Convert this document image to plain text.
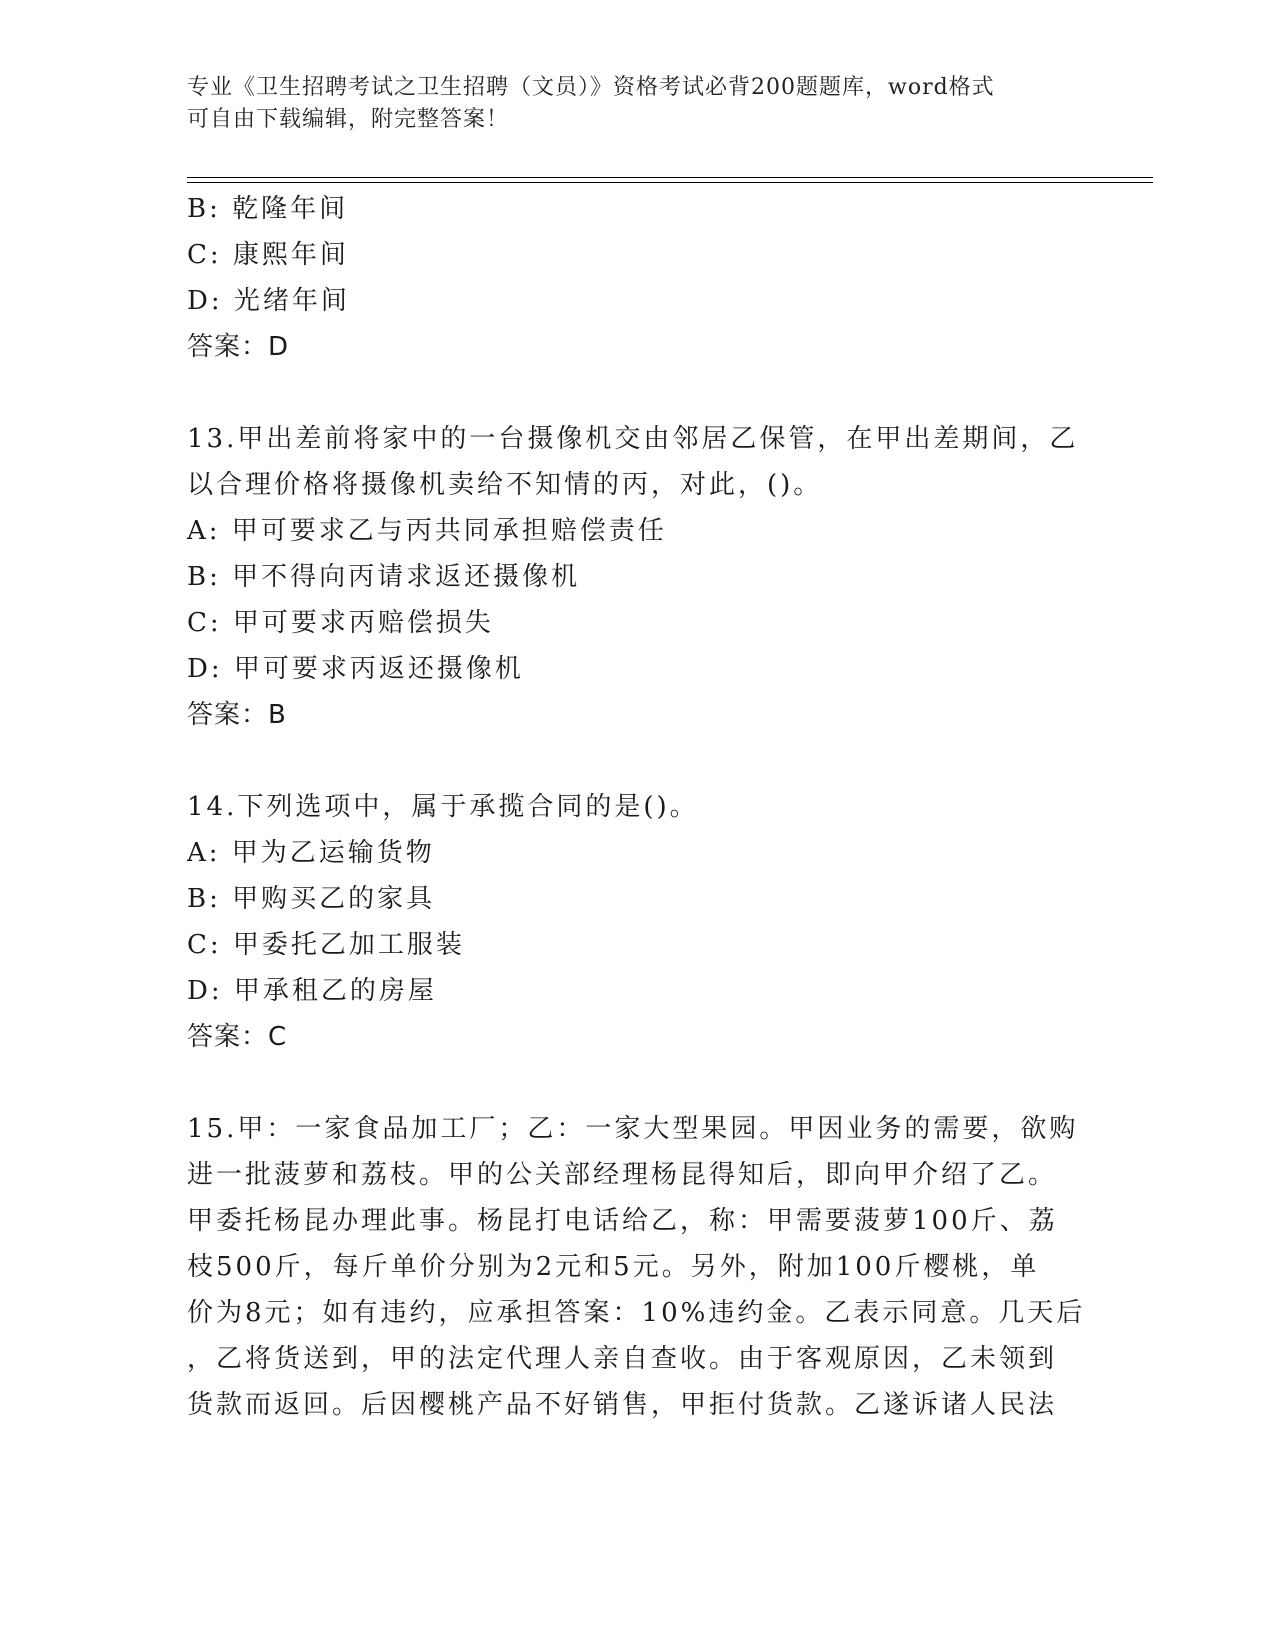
专业《卫生招聘考试之卫生招聘（文员）》资格考试必背200题题库，word格式
可自由下载编辑，附完整答案！
B: 乾隆年间
C: 康熙年间
D: 光绪年间
答案：D
13.甲出差前将家中的一台摄像机交由邻居乙保管，在甲出差期间，乙
以合理价格将摄像机卖给不知情的丙，对此，()。
A: 甲可要求乙与丙共同承担赔偿责任
B: 甲不得向丙请求返还摄像机
C: 甲可要求丙赔偿损失
D: 甲可要求丙返还摄像机
答案：B
14.下列选项中，属于承揽合同的是()。
A: 甲为乙运输货物
B: 甲购买乙的家具
C: 甲委托乙加工服装
D: 甲承租乙的房屋
答案：C
15.甲：一家食品加工厂；乙：一家大型果园。甲因业务的需要，欲购
进一批菠萝和荔枝。甲的公关部经理杨昆得知后，即向甲介绍了乙。
甲委托杨昆办理此事。杨昆打电话给乙，称：甲需要菠萝100斤、荔
枝500斤，每斤单价分别为2元和5元。另外，附加100斤樱桃，单
价为8元；如有违约，应承担答案：10%违约金。乙表示同意。几天后
，乙将货送到，甲的法定代理人亲自查收。由于客观原因，乙未领到
货款而返回。后因樱桃产品不好销售，甲拒付货款。乙遂诉诸人民法
